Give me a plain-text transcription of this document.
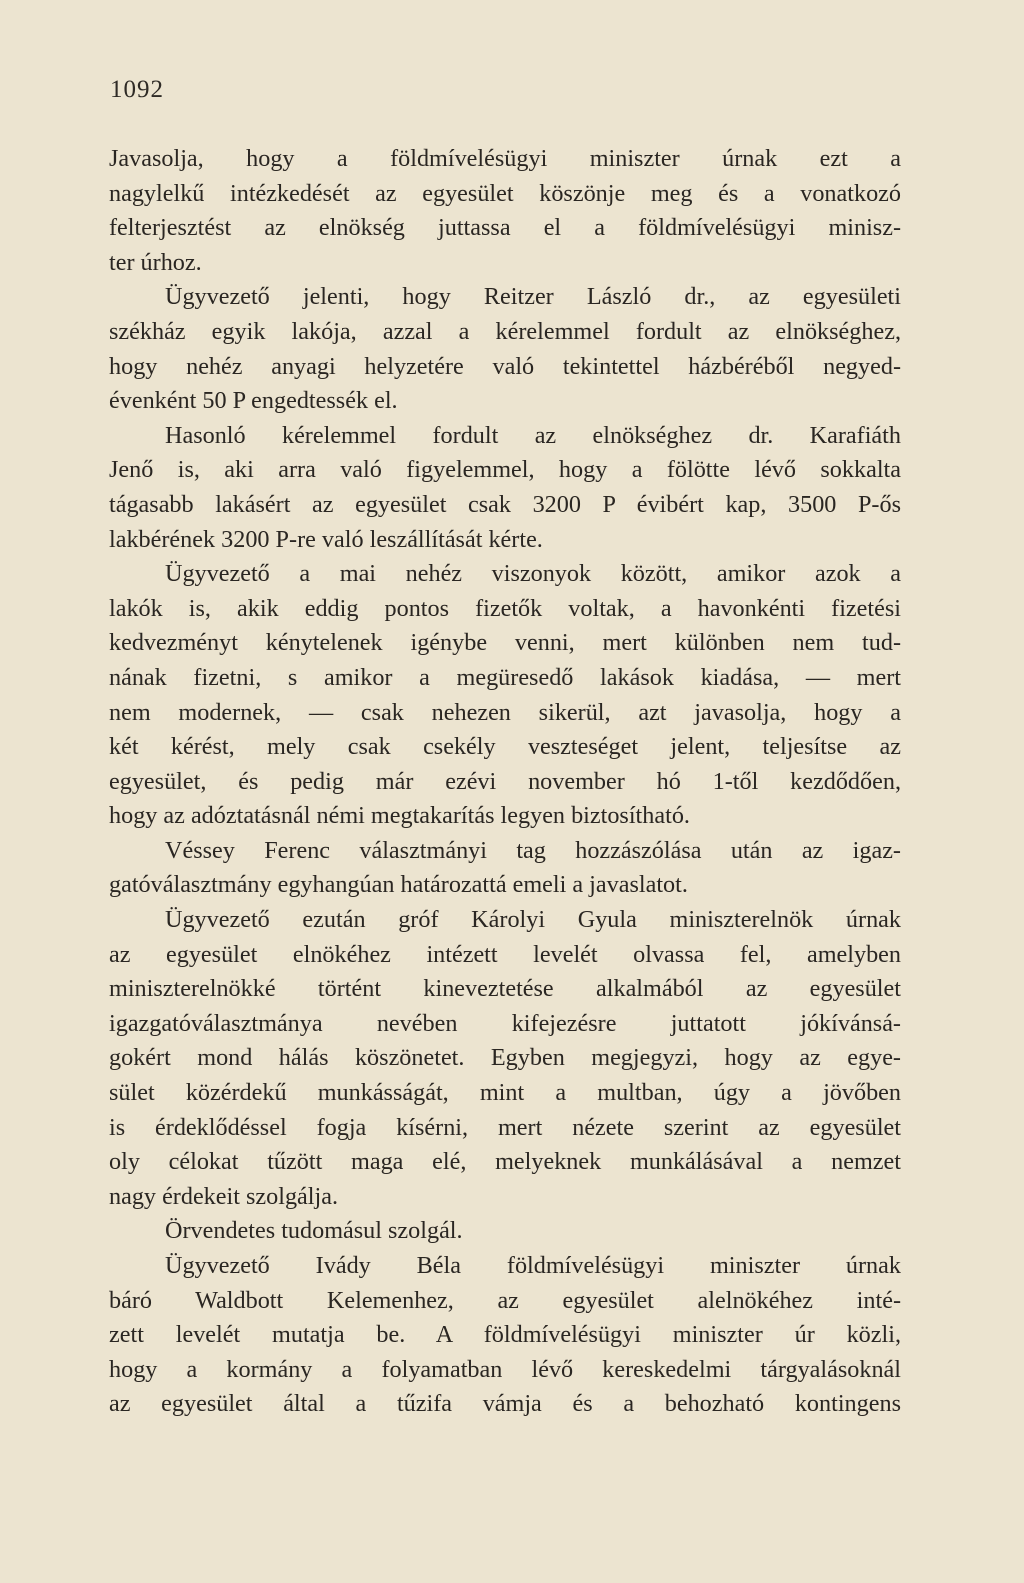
1092
Javasolja, hogy a földmívelésügyi miniszter úrnak ezt a
nagylelkű intézkedését az egyesület köszönje meg és a vonatkozó
felterjesztést az elnökség juttassa el a földmívelésügyi minisz-
ter úrhoz.
Ügyvezető jelenti, hogy Reitzer László dr., az egyesületi
székház egyik lakója, azzal a kérelemmel fordult az elnökséghez,
hogy nehéz anyagi helyzetére való tekintettel házbéréből negyed-
évenként 50 P engedtessék el.
Hasonló kérelemmel fordult az elnökséghez dr. Karafiáth
Jenő is, aki arra való figyelemmel, hogy a fölötte lévő sokkalta
tágasabb lakásért az egyesület csak 3200 P évibért kap, 3500 P-ős
lakbérének 3200 P-re való leszállítását kérte.
Ügyvezető a mai nehéz viszonyok között, amikor azok a
lakók is, akik eddig pontos fizetők voltak, a havonkénti fizetési
kedvezményt kénytelenek igénybe venni, mert különben nem tud-
nának fizetni, s amikor a megüresedő lakások kiadása, — mert
nem modernek, — csak nehezen sikerül, azt javasolja, hogy a
két kérést, mely csak csekély veszteséget jelent, teljesítse az
egyesület, és pedig már ezévi november hó 1-től kezdődően,
hogy az adóztatásnál némi megtakarítás legyen biztosítható.
Véssey Ferenc választmányi tag hozzászólása után az igaz-
gatóválasztmány egyhangúan határozattá emeli a javaslatot.
Ügyvezető ezután gróf Károlyi Gyula miniszterelnök úrnak
az egyesület elnökéhez intézett levelét olvassa fel, amelyben
miniszterelnökké történt kineveztetése alkalmából az egyesület
igazgatóválasztmánya nevében kifejezésre juttatott jókívánsá-
gokért mond hálás köszönetet. Egyben megjegyzi, hogy az egye-
sület közérdekű munkásságát, mint a multban, úgy a jövőben
is érdeklődéssel fogja kísérni, mert nézete szerint az egyesület
oly célokat tűzött maga elé, melyeknek munkálásával a nemzet
nagy érdekeit szolgálja.
Örvendetes tudomásul szolgál.
Ügyvezető Ivády Béla földmívelésügyi miniszter úrnak
báró Waldbott Kelemenhez, az egyesület alelnökéhez inté-
zett levelét mutatja be. A földmívelésügyi miniszter úr közli,
hogy a kormány a folyamatban lévő kereskedelmi tárgyalásoknál
az egyesület által a tűzifa vámja és a behozható kontingens
